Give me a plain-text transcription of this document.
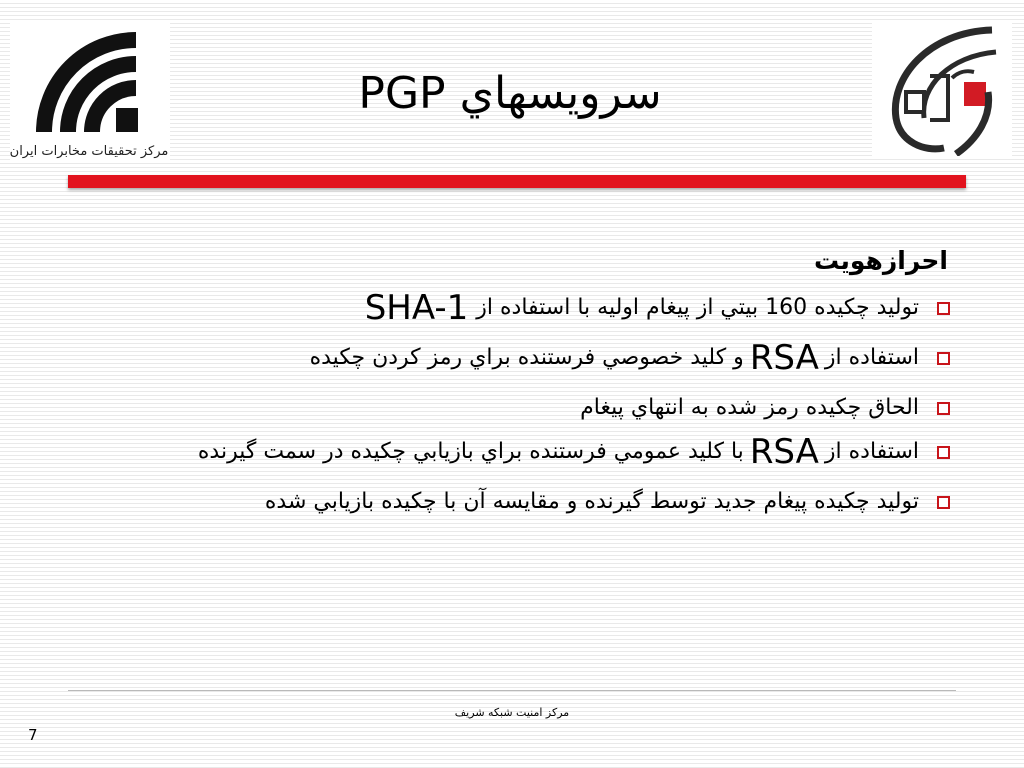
مرکز تحقیقات مخابرات ایران
سرويسهاي PGP
احرازهويت
توليد چکيده 160 بيتي از پيغام اوليه با استفاده از
SHA-1
استفاده از
RSA
و کليد خصوصي فرستنده براي رمز کردن چکيده
الحاق چکيده رمز شده به انتهاي پيغام
استفاده از
RSA
با کليد عمومي فرستنده براي بازيابي چکيده در سمت گيرنده
توليد چکيده پيغام جديد توسط گيرنده و مقايسه آن با چکيده بازيابي شده
مرکز امنیت شبکه شریف
7
